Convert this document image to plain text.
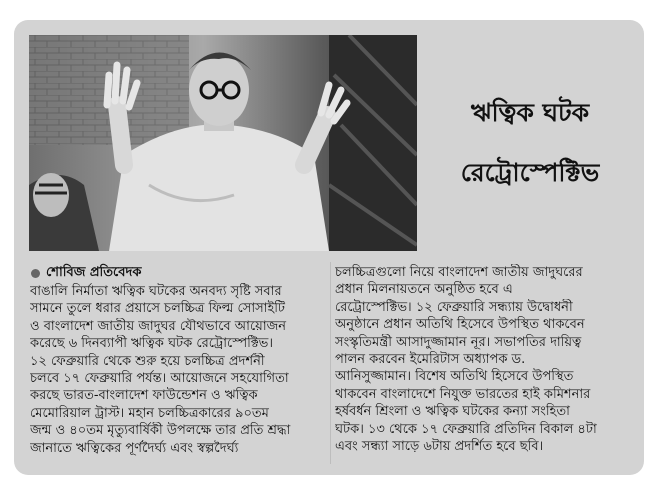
ঋত্বিক ঘটক
রেট্রোস্পেক্টিভ
শোবিজ প্রতিবেদক
বাঙালি নির্মাতা ঋত্বিক ঘটকের অনবদ্য সৃষ্টি সবার
সামনে তুলে ধরার প্রয়াসে চলচ্চিত্র ফিল্ম সোসাইটি
ও বাংলাদেশ জাতীয় জাদুঘর যৌথভাবে আয়োজন
করেছে ৬ দিনব্যাপী ঋত্বিক ঘটক রেট্রোস্পেক্টিভ।
১২ ফেব্রুয়ারি থেকে শুরু হয়ে চলচ্চিত্র প্রদর্শনী
চলবে ১৭ ফেব্রুয়ারি পর্যন্ত। আয়োজনে সহযোগিতা
করছে ভারত-বাংলাদেশ ফাউন্ডেশন ও ঋত্বিক
মেমোরিয়াল ট্রাস্ট। মহান চলচ্চিত্রকারের ৯০তম
জন্ম ও ৪০তম মৃত্যুবার্ষিকী উপলক্ষে তার প্রতি শ্রদ্ধা
জানাতে ঋত্বিকের পূর্ণদৈর্ঘ্য এবং স্বল্পদৈর্ঘ্য
চলচ্চিত্রগুলো নিয়ে বাংলাদেশ জাতীয় জাদুঘরের
প্রধান মিলনায়তনে অনুষ্ঠিত হবে এ
রেট্রোস্পেক্টিভ। ১২ ফেব্রুয়ারি সন্ধ্যায় উদ্বোধনী
অনুষ্ঠানে প্রধান অতিথি হিসেবে উপস্থিত থাকবেন
সংস্কৃতিমন্ত্রী আসাদুজ্জামান নূর। সভাপতির দায়িত্ব
পালন করবেন ইমেরিটাস অধ্যাপক ড.
আনিসুজ্জামান। বিশেষ অতিথি হিসেবে উপস্থিত
থাকবেন বাংলাদেশে নিযুক্ত ভারতের হাই কমিশনার
হর্ষবর্ধন শ্রিংলা ও ঋত্বিক ঘটকের কন্যা সংহিতা
ঘটক। ১৩ থেকে ১৭ ফেব্রুয়ারি প্রতিদিন বিকাল ৪টা
এবং সন্ধ্যা সাড়ে ৬টায় প্রদর্শিত হবে ছবি।
